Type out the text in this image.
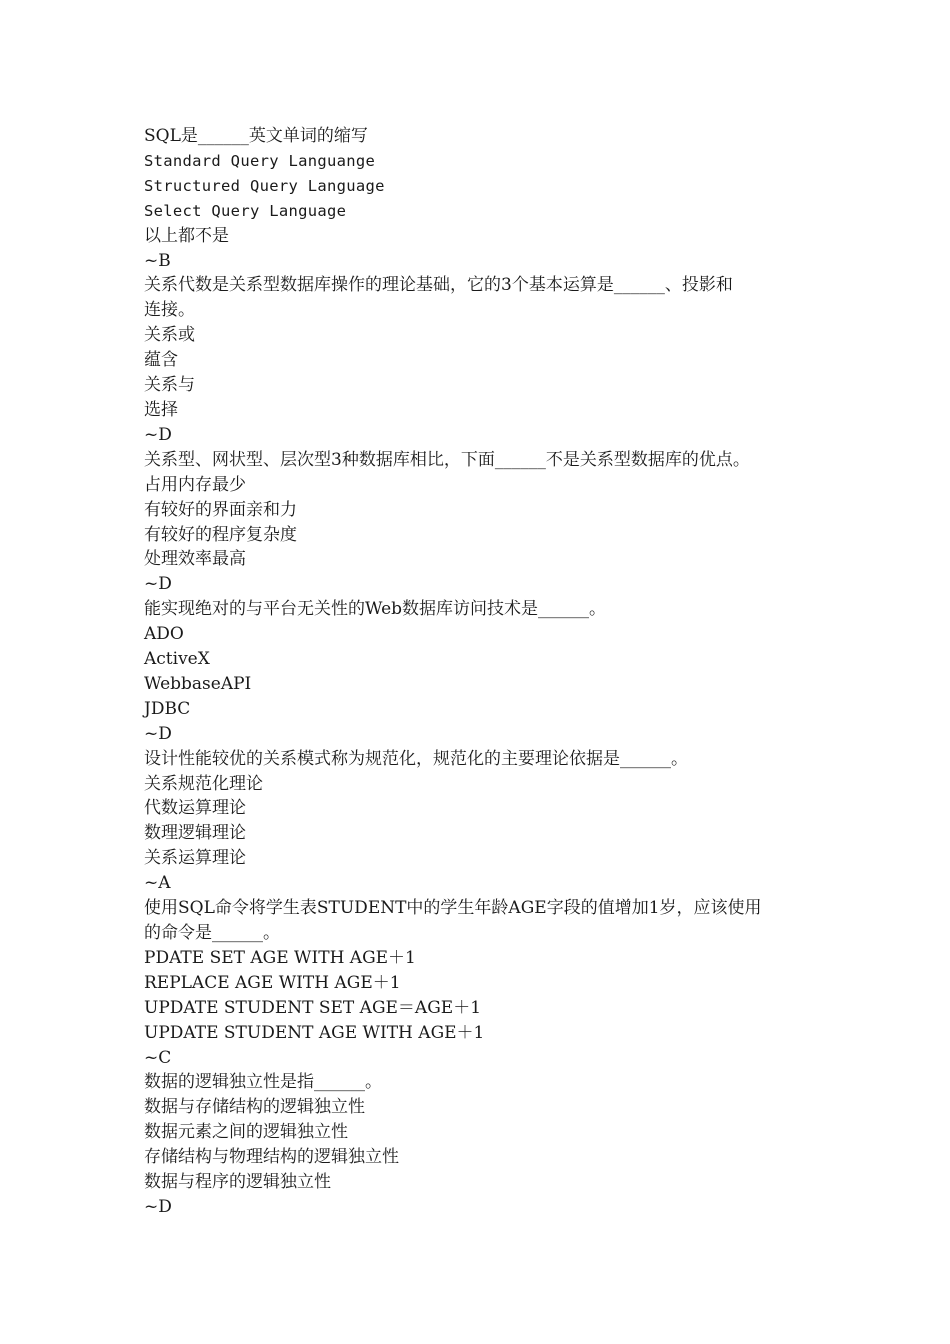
SQL是______英文单词的缩写
Standard Query Languange
Structured Query Language
Select Query Language
以上都不是
~B
关系代数是关系型数据库操作的理论基础，它的3个基本运算是______、投影和
连接。
关系或
蕴含
关系与
选择
~D
关系型、网状型、层次型3种数据库相比，下面______不是关系型数据库的优点。
占用内存最少
有较好的界面亲和力
有较好的程序复杂度
处理效率最高
~D
能实现绝对的与平台无关性的Web数据库访问技术是______。
ADO
ActiveX
WebbaseAPI
JDBC
~D
设计性能较优的关系模式称为规范化，规范化的主要理论依据是______。
关系规范化理论
代数运算理论
数理逻辑理论
关系运算理论
~A
使用SQL命令将学生表STUDENT中的学生年龄AGE字段的值增加1岁，应该使用
的命令是______。
PDATE SET AGE WITH AGE＋1
REPLACE AGE WITH AGE＋1
UPDATE STUDENT SET AGE＝AGE＋1
UPDATE STUDENT AGE WITH AGE＋1
~C
数据的逻辑独立性是指______。
数据与存储结构的逻辑独立性
数据元素之间的逻辑独立性
存储结构与物理结构的逻辑独立性
数据与程序的逻辑独立性
~D
